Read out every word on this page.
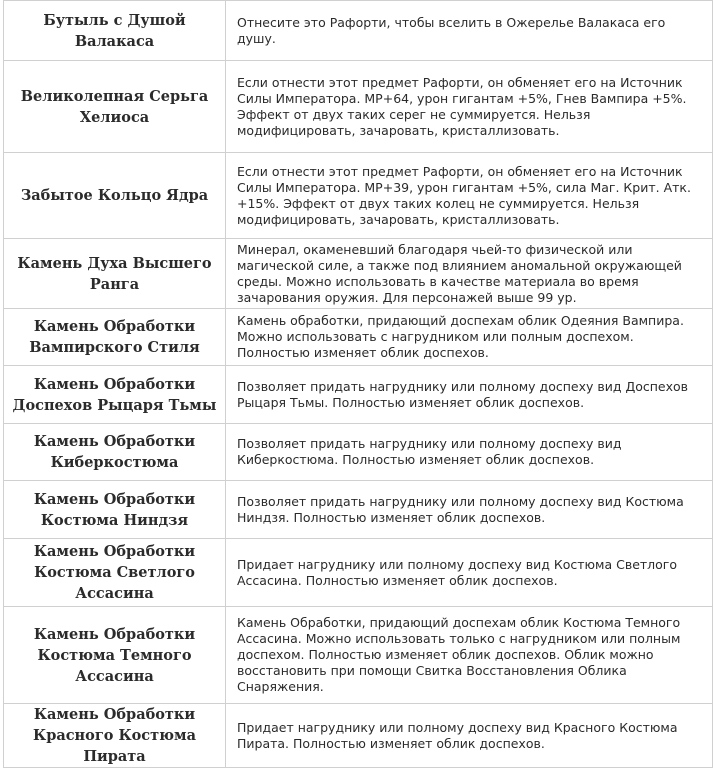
Бутыль с Душой Валакаса	Отнесите это Рафорти, чтобы вселить в Ожерелье Валакаса его душу.
Великолепная Серьга Хелиоса	Если отнести этот предмет Рафорти, он обменяет его на Источник Силы Императора. MP+64, урон гигантам +5%, Гнев Вампира +5%. Эффект от двух таких серег не суммируется. Нельзя модифицировать, зачаровать, кристаллизовать.
Забытое Кольцо Ядра	Если отнести этот предмет Рафорти, он обменяет его на Источник Силы Императора. MP+39, урон гигантам +5%, сила Маг. Крит. Атк. +15%. Эффект от двух таких колец не суммируется. Нельзя модифицировать, зачаровать, кристаллизовать.
Камень Духа Высшего Ранга	Минерал, окаменевший благодаря чьей-то физической или магической силе, а также под влиянием аномальной окружающей среды. Можно использовать в качестве материала во время зачарования оружия. Для персонажей выше 99 ур.
Камень Обработки Вампирского Стиля	Камень обработки, придающий доспехам облик Одеяния Вампира. Можно использовать с нагрудником или полным доспехом. Полностью изменяет облик доспехов.
Камень Обработки Доспехов Рыцаря Тьмы	Позволяет придать нагруднику или полному доспеху вид Доспехов Рыцаря Тьмы. Полностью изменяет облик доспехов.
Камень Обработки Киберкостюма	Позволяет придать нагруднику или полному доспеху вид Киберкостюма. Полностью изменяет облик доспехов.
Камень Обработки Костюма Ниндзя	Позволяет придать нагруднику или полному доспеху вид Костюма Ниндзя. Полностью изменяет облик доспехов.
Камень Обработки Костюма Светлого Ассасина	Придает нагруднику или полному доспеху вид Костюма Светлого Ассасина. Полностью изменяет облик доспехов.
Камень Обработки Костюма Темного Ассасина	Камень Обработки, придающий доспехам облик Костюма Темного Ассасина. Можно использовать только с нагрудником или полным доспехом. Полностью изменяет облик доспехов. Облик можно восстановить при помощи Свитка Восстановления Облика Снаряжения.
Камень Обработки Красного Костюма Пирата	Придает нагруднику или полному доспеху вид Красного Костюма Пирата. Полностью изменяет облик доспехов.
